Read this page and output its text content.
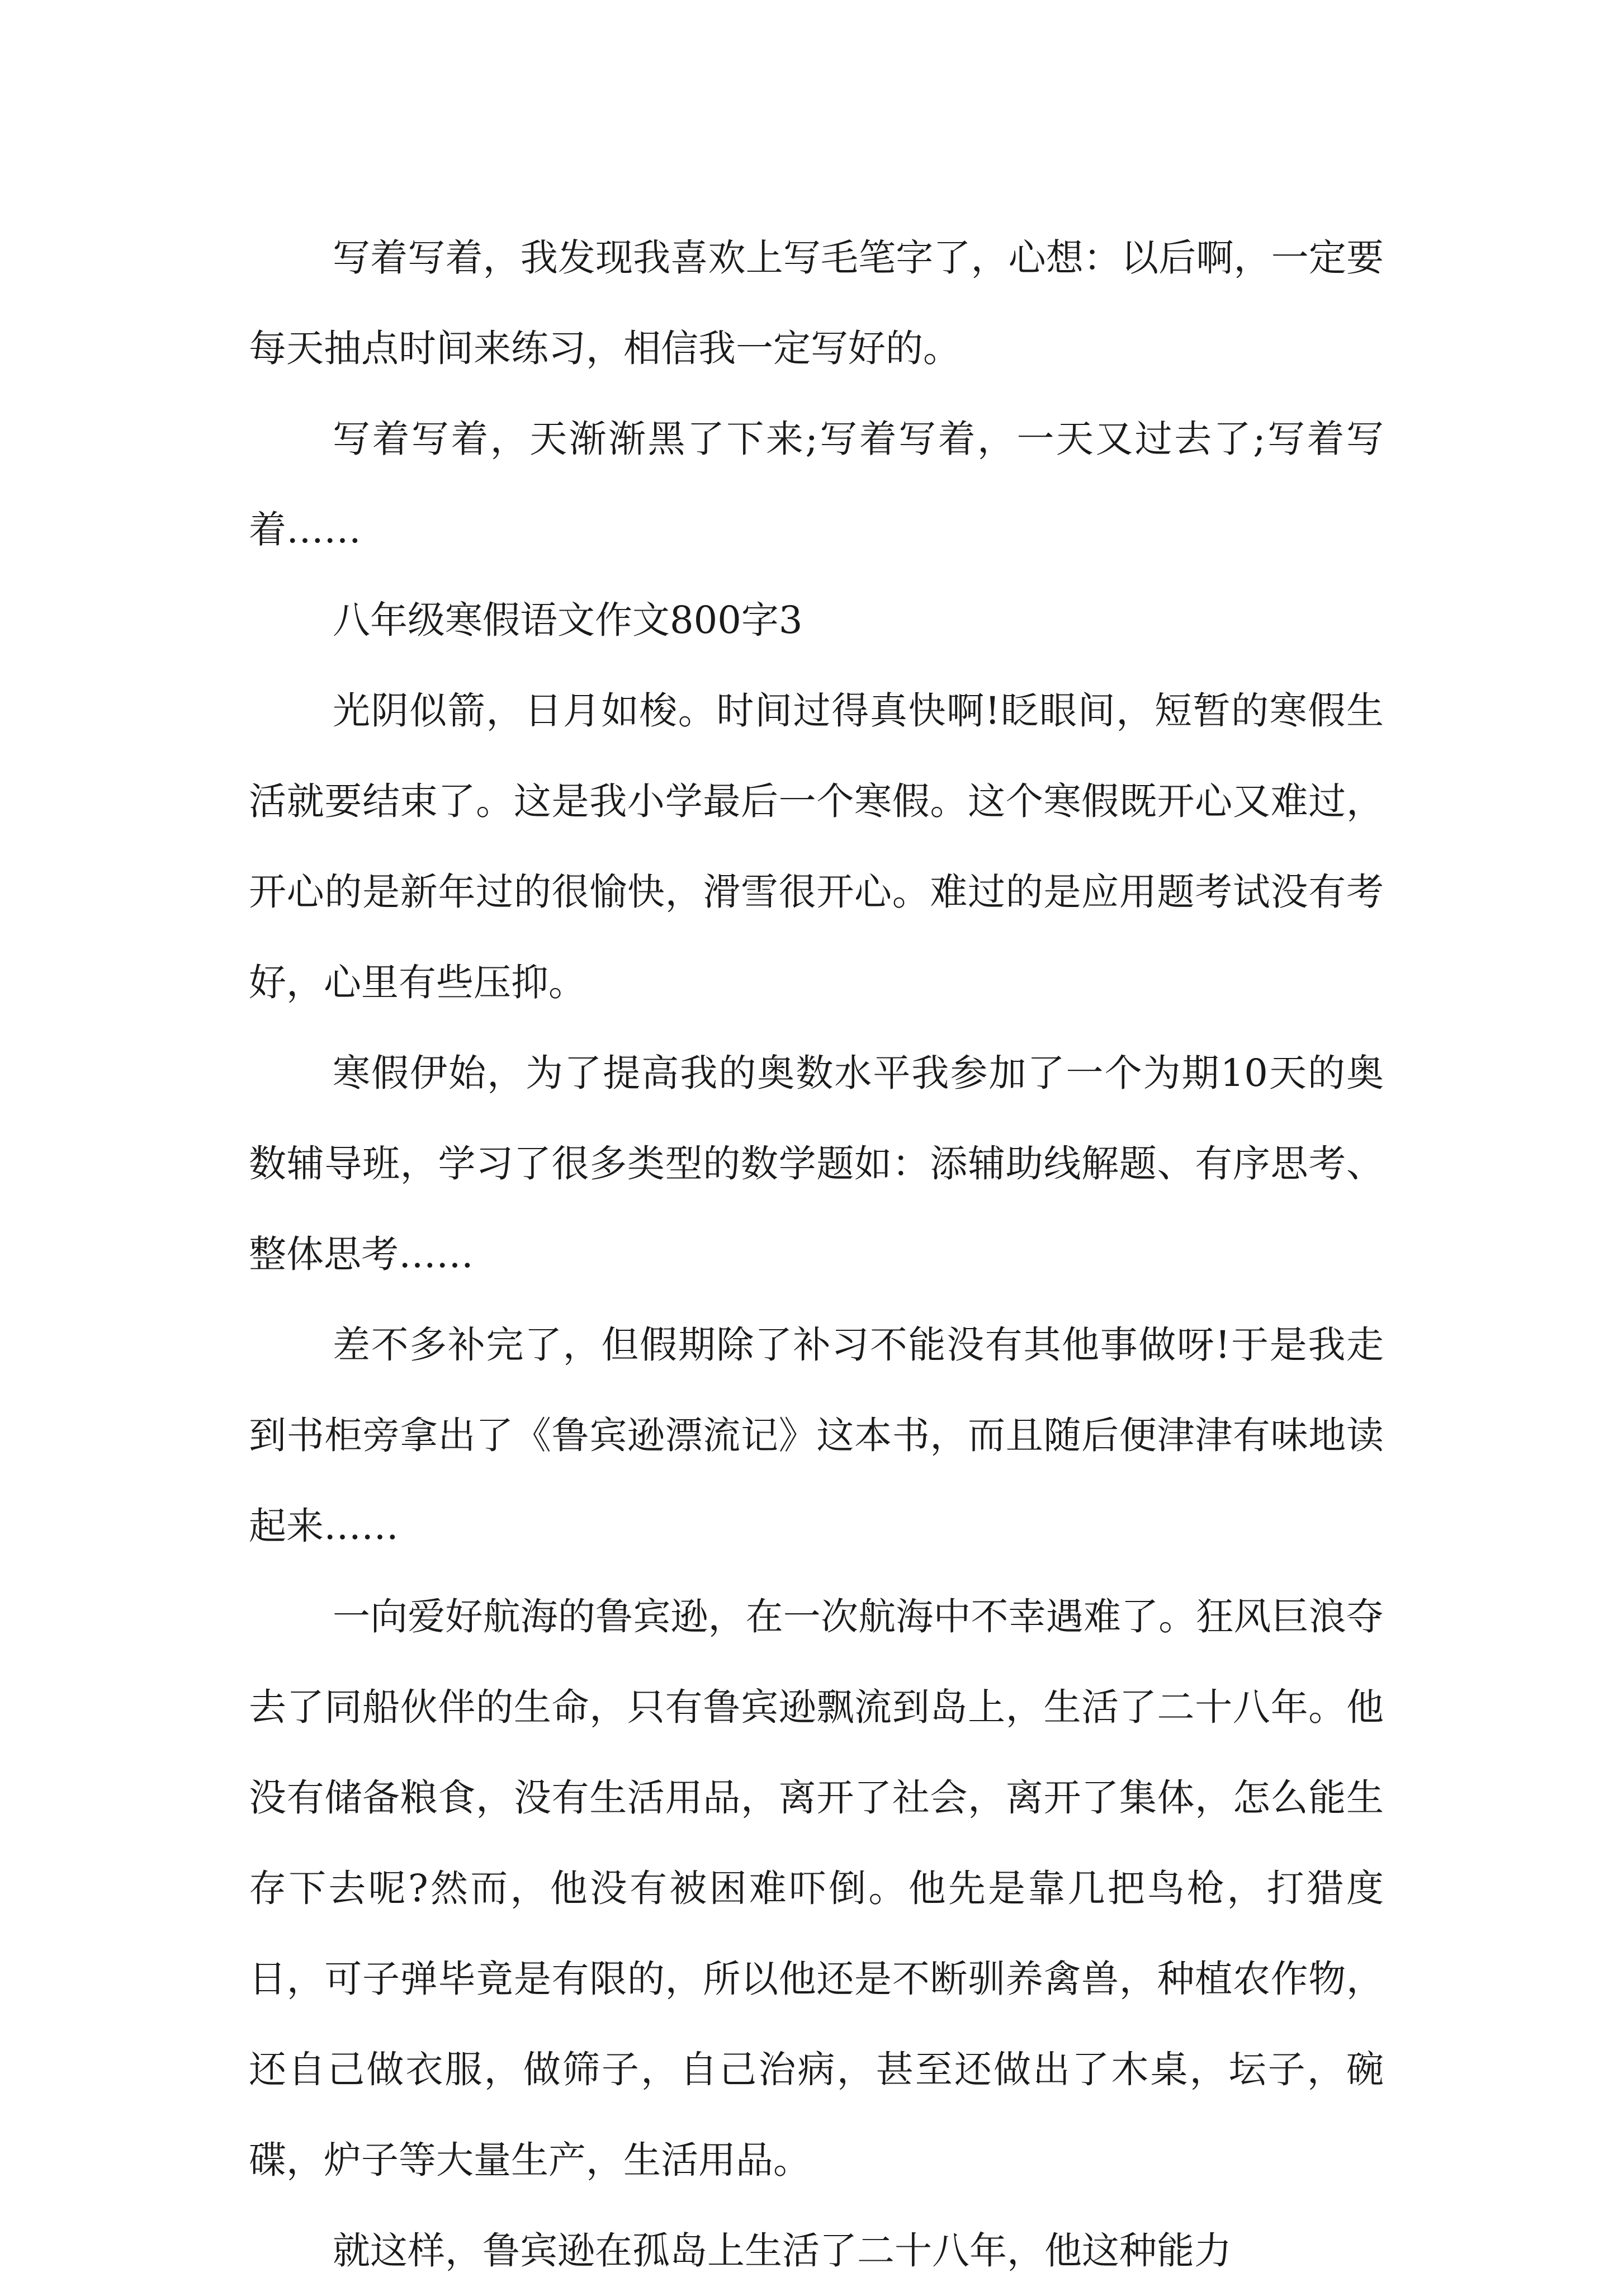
写着写着，我发现我喜欢上写毛笔字了，心想：以后啊，一定要每天抽点时间来练习，相信我一定写好的。

写着写着，天渐渐黑了下来;写着写着，一天又过去了;写着写着……

八年级寒假语文作文800字3

光阴似箭，日月如梭。时间过得真快啊!眨眼间，短暂的寒假生活就要结束了。这是我小学最后一个寒假。这个寒假既开心又难过，开心的是新年过的很愉快，滑雪很开心。难过的是应用题考试没有考好，心里有些压抑。

寒假伊始，为了提高我的奥数水平我参加了一个为期10天的奥数辅导班，学习了很多类型的数学题如：添辅助线解题、有序思考、整体思考……

差不多补完了，但假期除了补习不能没有其他事做呀!于是我走到书柜旁拿出了《鲁宾逊漂流记》这本书，而且随后便津津有味地读起来……

一向爱好航海的鲁宾逊，在一次航海中不幸遇难了。狂风巨浪夺去了同船伙伴的生命，只有鲁宾逊飘流到岛上，生活了二十八年。他没有储备粮食，没有生活用品，离开了社会，离开了集体，怎么能生存下去呢?然而，他没有被困难吓倒。他先是靠几把鸟枪，打猎度日，可子弹毕竟是有限的，所以他还是不断驯养禽兽，种植农作物，还自己做衣服，做筛子，自己治病，甚至还做出了木桌，坛子，碗碟，炉子等大量生产，生活用品。

就这样，鲁宾逊在孤岛上生活了二十八年，他这种能力
